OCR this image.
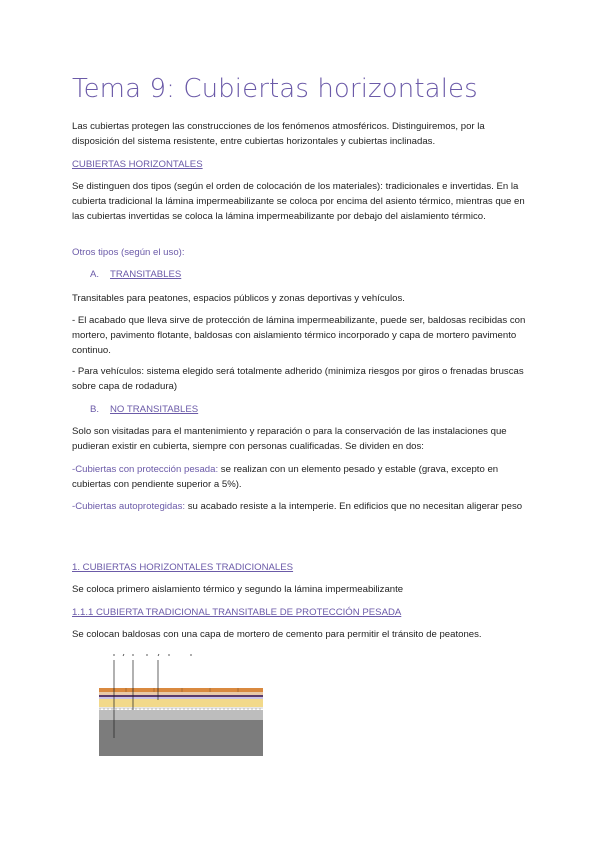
Tema 9: Cubiertas horizontales

Las cubiertas protegen las construcciones de los fenómenos atmosféricos. Distinguiremos, por la disposición del sistema resistente, entre cubiertas horizontales y cubiertas inclinadas.

CUBIERTAS HORIZONTALES

Se distinguen dos tipos (según el orden de colocación de los materiales): tradicionales e invertidas. En la cubierta tradicional la lámina impermeabilizante se coloca por encima del asiento térmico, mientras que en las cubiertas invertidas se coloca la lámina impermeabilizante por debajo del aislamiento térmico.

Otros tipos (según el uso):

A. TRANSITABLES

Transitables para peatones, espacios públicos y zonas deportivas y vehículos.

- El acabado que lleva sirve de protección de lámina impermeabilizante, puede ser, baldosas recibidas con mortero, pavimento flotante, baldosas con aislamiento térmico incorporado y capa de mortero pavimento continuo.

- Para vehículos: sistema elegido será totalmente adherido (minimiza riesgos por giros o frenadas bruscas sobre capa de rodadura)

B. NO TRANSITABLES

Solo son visitadas para el mantenimiento y reparación o para la conservación de las instalaciones que pudieran existir en cubierta, siempre con personas cualificadas. Se dividen en dos:

-Cubiertas con protección pesada: se realizan con un elemento pesado y estable (grava, excepto en cubiertas con pendiente superior a 5%).

-Cubiertas autoprotegidas: su acabado resiste a la intemperie. En edificios que no necesitan aligerar peso

1. CUBIERTAS HORIZONTALES TRADICIONALES

Se coloca primero aislamiento térmico y segundo la lámina impermeabilizante

1.1.1 CUBIERTA TRADICIONAL TRANSITABLE DE PROTECCIÓN PESADA

Se colocan baldosas con una capa de mortero de cemento para permitir el tránsito de peatones.
